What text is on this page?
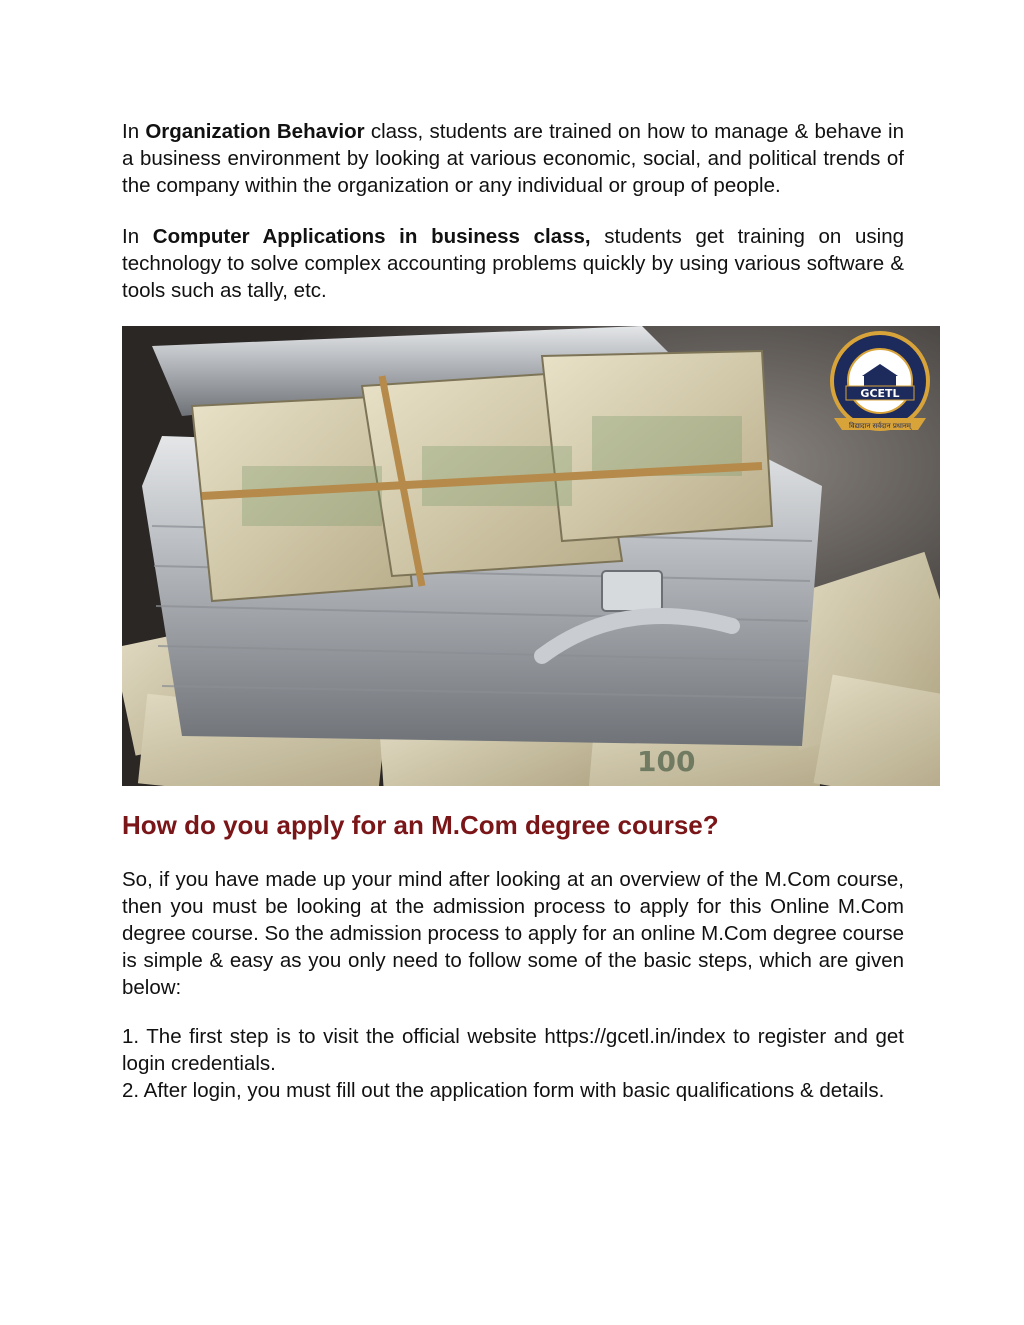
In Organization Behavior class, students are trained on how to manage & behave in a business environment by looking at various economic, social, and political trends of the company within the organization or any individual or group of people.

In Computer Applications in business class, students get training on using technology to solve complex accounting problems quickly by using various software & tools such as tally, etc.

100
GCETL
विद्यादान सर्वदान प्रधानम्
How do you apply for an M.Com degree course?

So, if you have made up your mind after looking at an overview of the M.Com course, then you must be looking at the admission process to apply for this Online M.Com degree course. So the admission process to apply for an online M.Com degree course is simple & easy as you only need to follow some of the basic steps, which are given below:

1. The first step is to visit the official website https://gcetl.in/index to register and get login credentials.

2. After login, you must fill out the application form with basic qualifications & details.
